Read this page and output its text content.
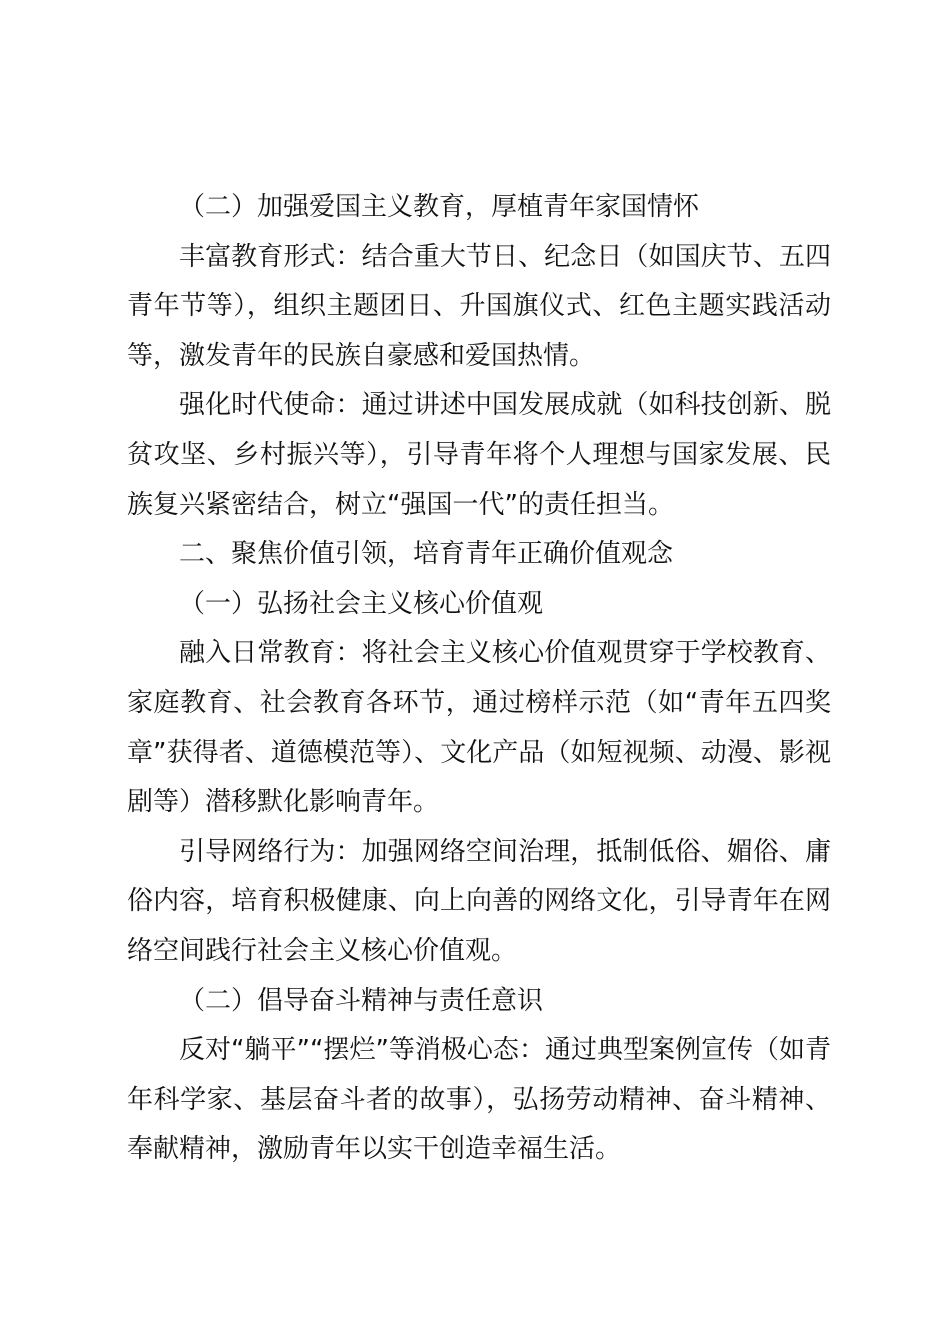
（二）加强爱国主义教育，厚植青年家国情怀

丰富教育形式：结合重大节日、纪念日（如国庆节、五四青年节等），组织主题团日、升国旗仪式、红色主题实践活动等，激发青年的民族自豪感和爱国热情。

强化时代使命：通过讲述中国发展成就（如科技创新、脱贫攻坚、乡村振兴等），引导青年将个人理想与国家发展、民族复兴紧密结合，树立“强国一代”的责任担当。

二、聚焦价值引领，培育青年正确价值观念

（一）弘扬社会主义核心价值观

融入日常教育：将社会主义核心价值观贯穿于学校教育、家庭教育、社会教育各环节，通过榜样示范（如“青年五四奖章”获得者、道德模范等）、文化产品（如短视频、动漫、影视剧等）潜移默化影响青年。

引导网络行为：加强网络空间治理，抵制低俗、媚俗、庸俗内容，培育积极健康、向上向善的网络文化，引导青年在网络空间践行社会主义核心价值观。

（二）倡导奋斗精神与责任意识

反对“躺平”“摆烂”等消极心态：通过典型案例宣传（如青年科学家、基层奋斗者的故事），弘扬劳动精神、奋斗精神、奉献精神，激励青年以实干创造幸福生活。
